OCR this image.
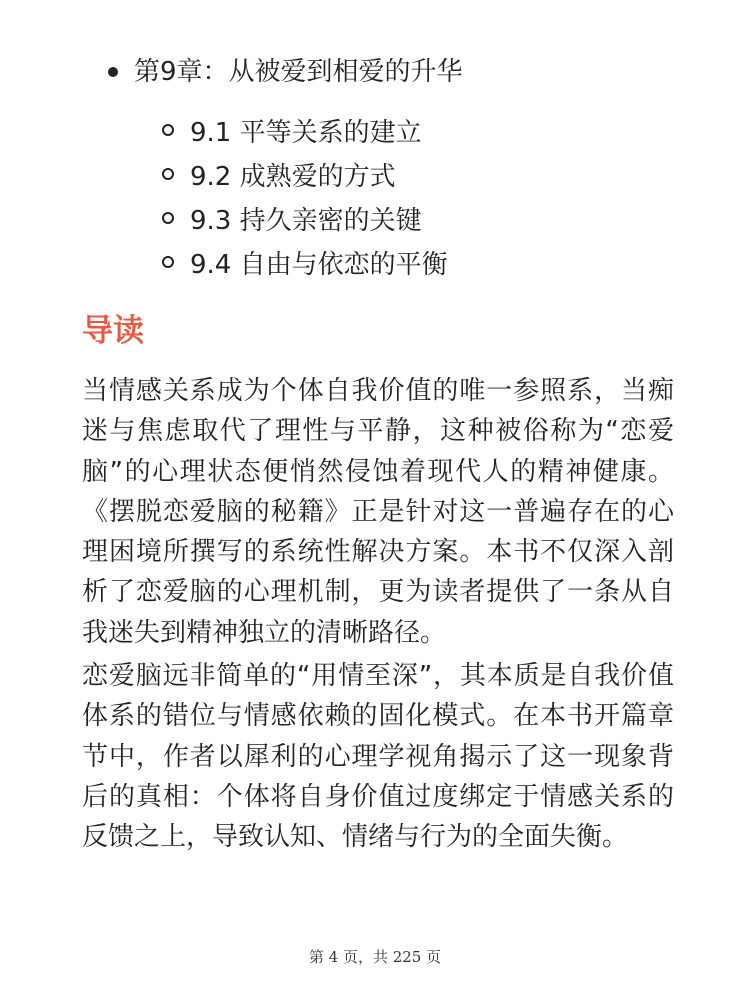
第9章：从被爱到相爱的升华
9.1 平等关系的建立
9.2 成熟爱的方式
9.3 持久亲密的关键
9.4 自由与依恋的平衡
导读

当情感关系成为个体自我价值的唯一参照系，当痴迷与焦虑取代了理性与平静，这种被俗称为“恋爱脑”的心理状态便悄然侵蚀着现代人的精神健康。《摆脱恋爱脑的秘籍》正是针对这一普遍存在的心理困境所撰写的系统性解决方案。本书不仅深入剖析了恋爱脑的心理机制，更为读者提供了一条从自我迷失到精神独立的清晰路径。

恋爱脑远非简单的“用情至深”，其本质是自我价值体系的错位与情感依赖的固化模式。在本书开篇章节中，作者以犀利的心理学视角揭示了这一现象背后的真相：个体将自身价值过度绑定于情感关系的反馈之上，导致认知、情绪与行为的全面失衡。

第 4 页，共 225 页
